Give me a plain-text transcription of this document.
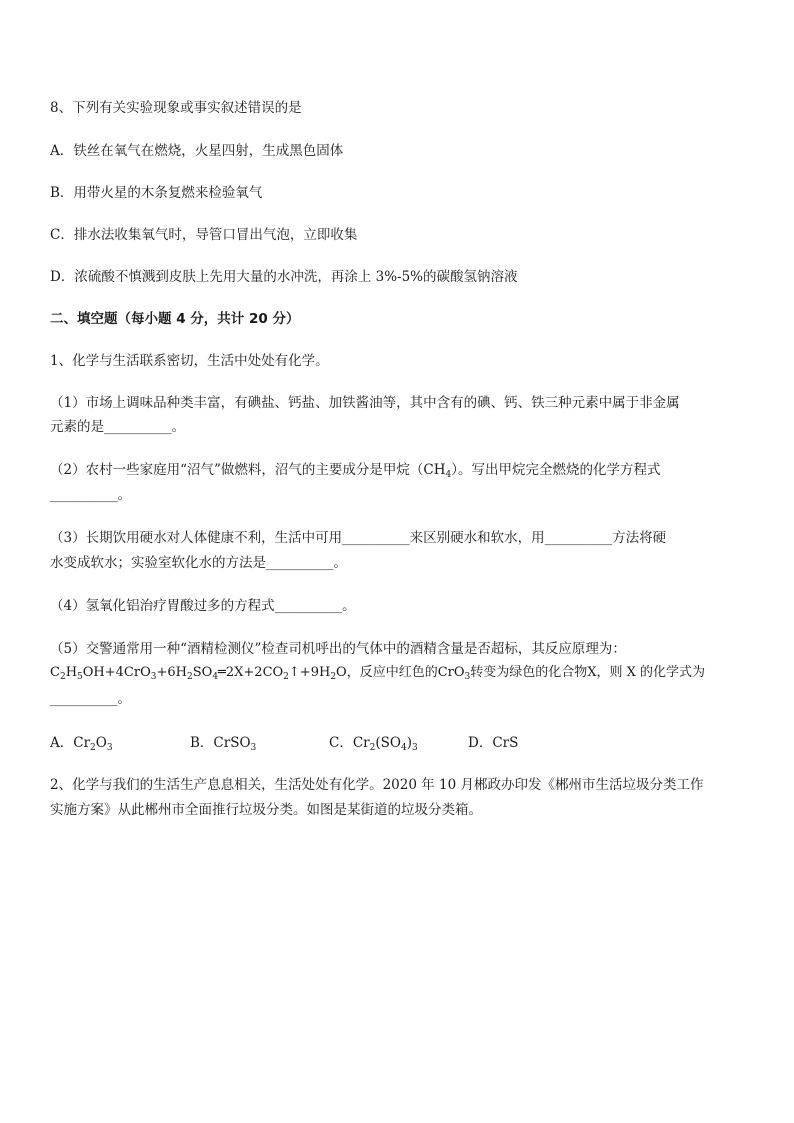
8、下列有关实验现象或事实叙述错误的是
A．铁丝在氧气在燃烧，火星四射，生成黑色固体
B．用带火星的木条复燃来检验氧气
C．排水法收集氧气时，导管口冒出气泡，立即收集
D．浓硫酸不慎溅到皮肤上先用大量的水冲洗，再涂上 3%-5%的碳酸氢钠溶液
二、填空题（每小题 4 分，共计 20 分）
1、化学与生活联系密切，生活中处处有化学。
（1）市场上调味品种类丰富，有碘盐、钙盐、加铁酱油等，其中含有的碘、钙、铁三种元素中属于非金属
元素的是__________。
（2）农村一些家庭用“沼气”做燃料，沼气的主要成分是甲烷$(CH_4)$。写出甲烷完全燃烧的化学方程式
__________。
（3）长期饮用硬水对人体健康不利，生活中可用__________来区别硬水和软水，用__________方法将硬
水变成软水；实验室软化水的方法是__________。
（4）氢氧化铝治疗胃酸过多的方程式__________。
（5）交警通常用一种“酒精检测仪”检查司机呼出的气体中的酒精含量是否超标，其反应原理为：
$C_2H_5OH+4CrO_3+6H_2SO_4═2X+2CO_2↑+9H_2O$，反应中红色的CrO$_3$转变为绿色的化合物X，则 X 的化学式为
__________。
A．$Cr_2O_3$	B．CrSO$_3$	C．$Cr_2(SO_4)_3$	D．CrS
2、化学与我们的生活生产息息相关，生活处处有化学。2020 年 10 月郴政办印发《郴州市生活垃圾分类工作
实施方案》从此郴州市全面推行垃圾分类。如图是某街道的垃圾分类箱。
